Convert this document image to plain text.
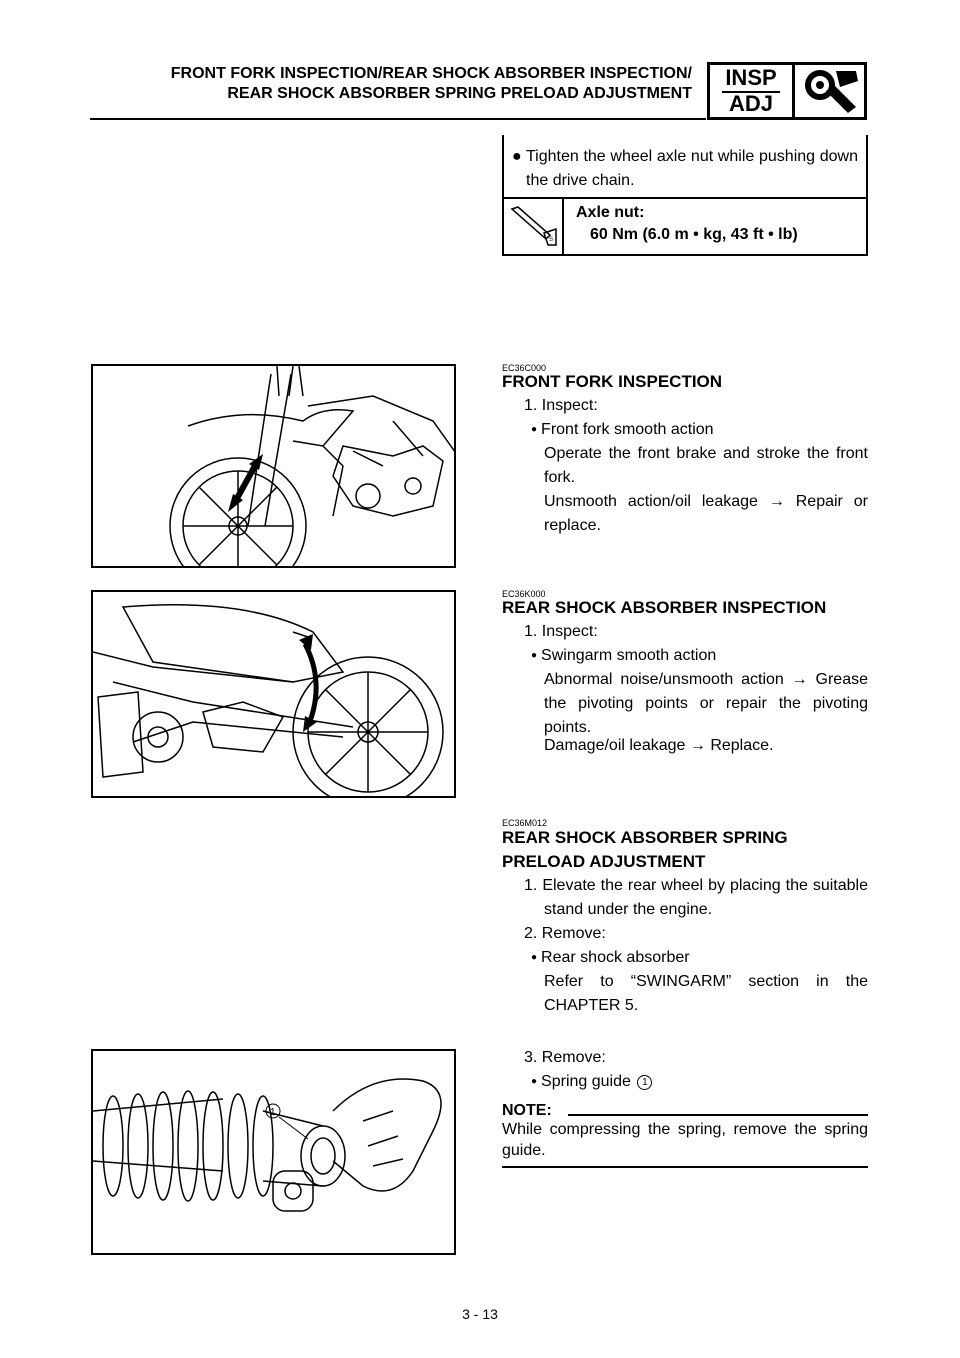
FRONT FORK INSPECTION/REAR SHOCK ABSORBER INSPECTION/
REAR SHOCK ABSORBER SPRING PRELOAD ADJUSTMENT
INSP
ADJ
● Tighten the wheel axle nut while pushing down the drive chain.
S
Axle nut:
60 Nm (6.0 m • kg, 43 ft • lb)
EC36C000
FRONT FORK INSPECTION
1. Inspect:
● Front fork smooth action
Operate the front brake and stroke the front fork.
Unsmooth action/oil leakage → Repair or replace.
EC36K000
REAR SHOCK ABSORBER INSPECTION
1. Inspect:
● Swingarm smooth action
Abnormal noise/unsmooth action → Grease the pivoting points or repair the pivoting points.
Damage/oil leakage → Replace.
EC36M012
REAR SHOCK ABSORBER SPRING
PRELOAD ADJUSTMENT
1. Elevate the rear wheel by placing the suitable stand under the engine.
2. Remove:
● Rear shock absorber
Refer to “SWINGARM” section in the CHAPTER 5.
3. Remove:
● Spring guide 1
NOTE:
While compressing the spring, remove the spring guide.
1
3 - 13
